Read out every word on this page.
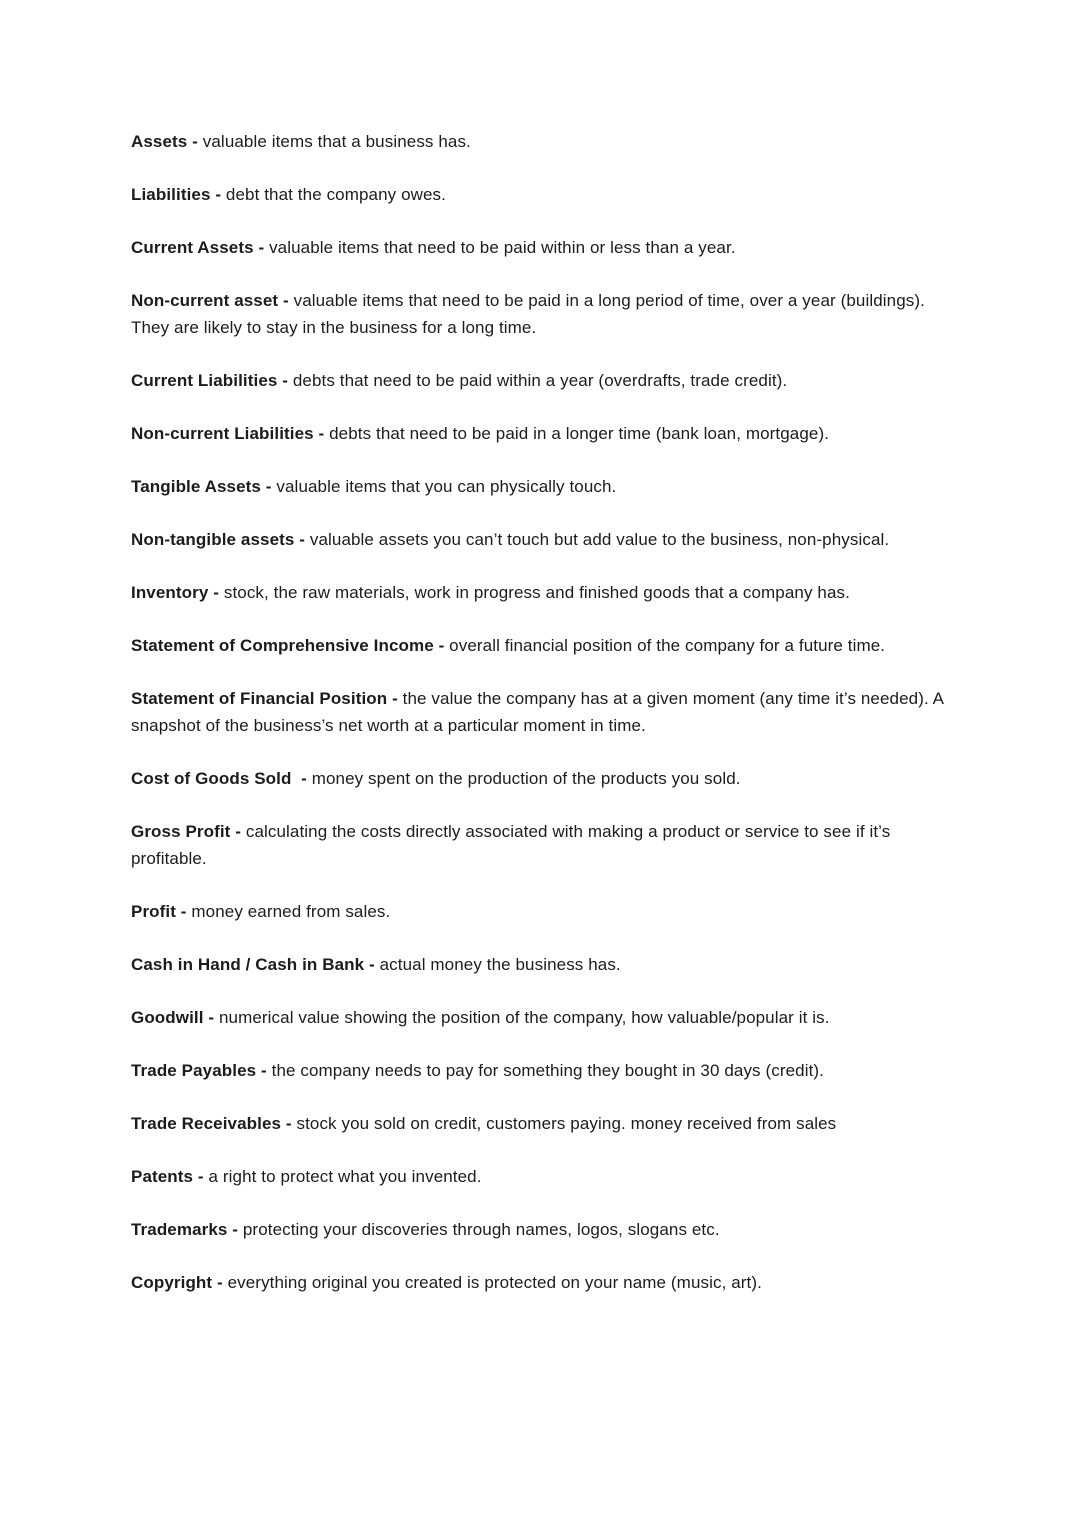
Assets - valuable items that a business has.

Liabilities - debt that the company owes.

Current Assets - valuable items that need to be paid within or less than a year.

Non-current asset - valuable items that need to be paid in a long period of time, over a year (buildings). They are likely to stay in the business for a long time.

Current Liabilities - debts that need to be paid within a year (overdrafts, trade credit).

Non-current Liabilities - debts that need to be paid in a longer time (bank loan, mortgage).

Tangible Assets - valuable items that you can physically touch.

Non-tangible assets - valuable assets you can’t touch but add value to the business, non-physical.

Inventory - stock, the raw materials, work in progress and finished goods that a company has.

Statement of Comprehensive Income - overall financial position of the company for a future time.

Statement of Financial Position - the value the company has at a given moment (any time it’s needed). A snapshot of the business’s net worth at a particular moment in time.

Cost of Goods Sold  - money spent on the production of the products you sold.

Gross Profit - calculating the costs directly associated with making a product or service to see if it’s profitable.

Profit - money earned from sales.

Cash in Hand / Cash in Bank - actual money the business has.

Goodwill - numerical value showing the position of the company, how valuable/popular it is.

Trade Payables - the company needs to pay for something they bought in 30 days (credit).

Trade Receivables - stock you sold on credit, customers paying. money received from sales

Patents - a right to protect what you invented.

Trademarks - protecting your discoveries through names, logos, slogans etc.

Copyright - everything original you created is protected on your name (music, art).
